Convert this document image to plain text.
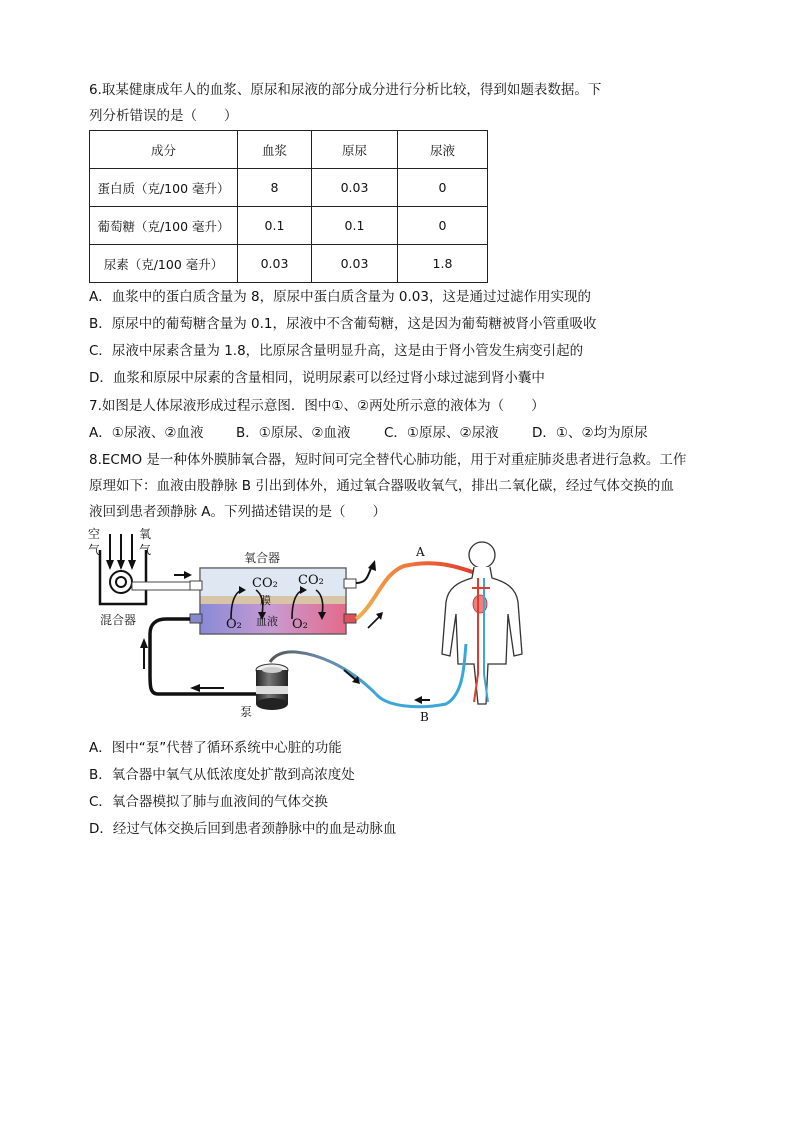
6.取某健康成年人的血浆、原尿和尿液的部分成分进行分析比较，得到如题表数据。下
列分析错误的是（　　）
成分	血浆	原尿	尿液
蛋白质（克/100 毫升）	8	0.03	0
葡萄糖（克/100 毫升）	0.1	0.1	0
尿素（克/100 毫升）	0.03	0.03	1.8
A．血浆中的蛋白质含量为 8，原尿中蛋白质含量为 0.03，这是通过过滤作用实现的
B．原尿中的葡萄糖含量为 0.1，尿液中不含葡萄糖，这是因为葡萄糖被肾小管重吸收
C．尿液中尿素含量为 1.8，比原尿含量明显升高，这是由于肾小管发生病变引起的
D．血浆和原尿中尿素的含量相同，说明尿素可以经过肾小球过滤到肾小囊中
7.如图是人体尿液形成过程示意图．图中①、②两处所示意的液体为（　　）
A．①尿液、②血液 B．①原尿、②血液 C．①原尿、②尿液 D．①、②均为原尿
8.ECMO 是一种体外膜肺氧合器，短时间可完全替代心肺功能，用于对重症肺炎患者进行急救。工作
原理如下：血液由股静脉 B 引出到体外，通过氧合器吸收氧气，排出二氧化碳，经过气体交换的血
液回到患者颈静脉 A。下列描述错误的是（　　）
空
气
氧
气
混合器
氧合器
CO₂ CO₂
膜
O₂ 血液 O₂
A
B
泵
A．图中“泵”代替了循环系统中心脏的功能
B．氧合器中氧气从低浓度处扩散到高浓度处
C．氧合器模拟了肺与血液间的气体交换
D．经过气体交换后回到患者颈静脉中的血是动脉血
